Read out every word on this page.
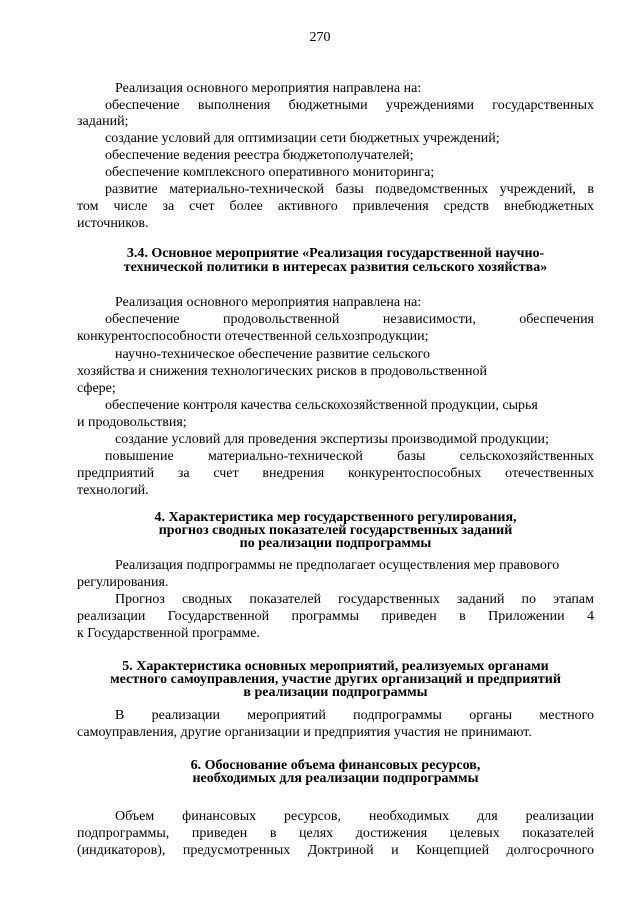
270
Реализация основного мероприятия направлена на:
обеспечение выполнения бюджетными учреждениями государственных
заданий;
создание условий для оптимизации сети бюджетных учреждений;
обеспечение ведения реестра бюджетополучателей;
обеспечение комплексного оперативного мониторинга;
развитие материально-технической базы подведомственных учреждений, в
том числе за счет более активного привлечения средств внебюджетных
источников.
3.4. Основное мероприятие «Реализация государственной научно-
технической политики в интересах развития сельского хозяйства»
Реализация основного мероприятия направлена на:
обеспечение продовольственной независимости, обеспечения
конкурентоспособности отечественной сельхозпродукции;
научно-техническое обеспечение развитие сельского
хозяйства и снижения технологических рисков в продовольственной
сфере;
обеспечение контроля качества сельскохозяйственной продукции, сырья
и продовольствия;
создание условий для проведения экспертизы производимой продукции;
повышение материально-технической базы сельскохозяйственных
предприятий за счет внедрения конкурентоспособных отечественных
технологий.
4. Характеристика мер государственного регулирования,
прогноз сводных показателей государственных заданий
по реализации подпрограммы
Реализация подпрограммы не предполагает осуществления мер правового
регулирования.
Прогноз сводных показателей государственных заданий по этапам
реализации Государственной программы приведен в Приложении 4
к Государственной программе.
5. Характеристика основных мероприятий, реализуемых органами
местного самоуправления, участие других организаций и предприятий
в реализации подпрограммы
В реализации мероприятий подпрограммы органы местного
самоуправления, другие организации и предприятия участия не принимают.
6. Обоснование объема финансовых ресурсов,
необходимых для реализации подпрограммы
Объем финансовых ресурсов, необходимых для реализации
подпрограммы, приведен в целях достижения целевых показателей
(индикаторов), предусмотренных Доктриной и Концепцией долгосрочного
